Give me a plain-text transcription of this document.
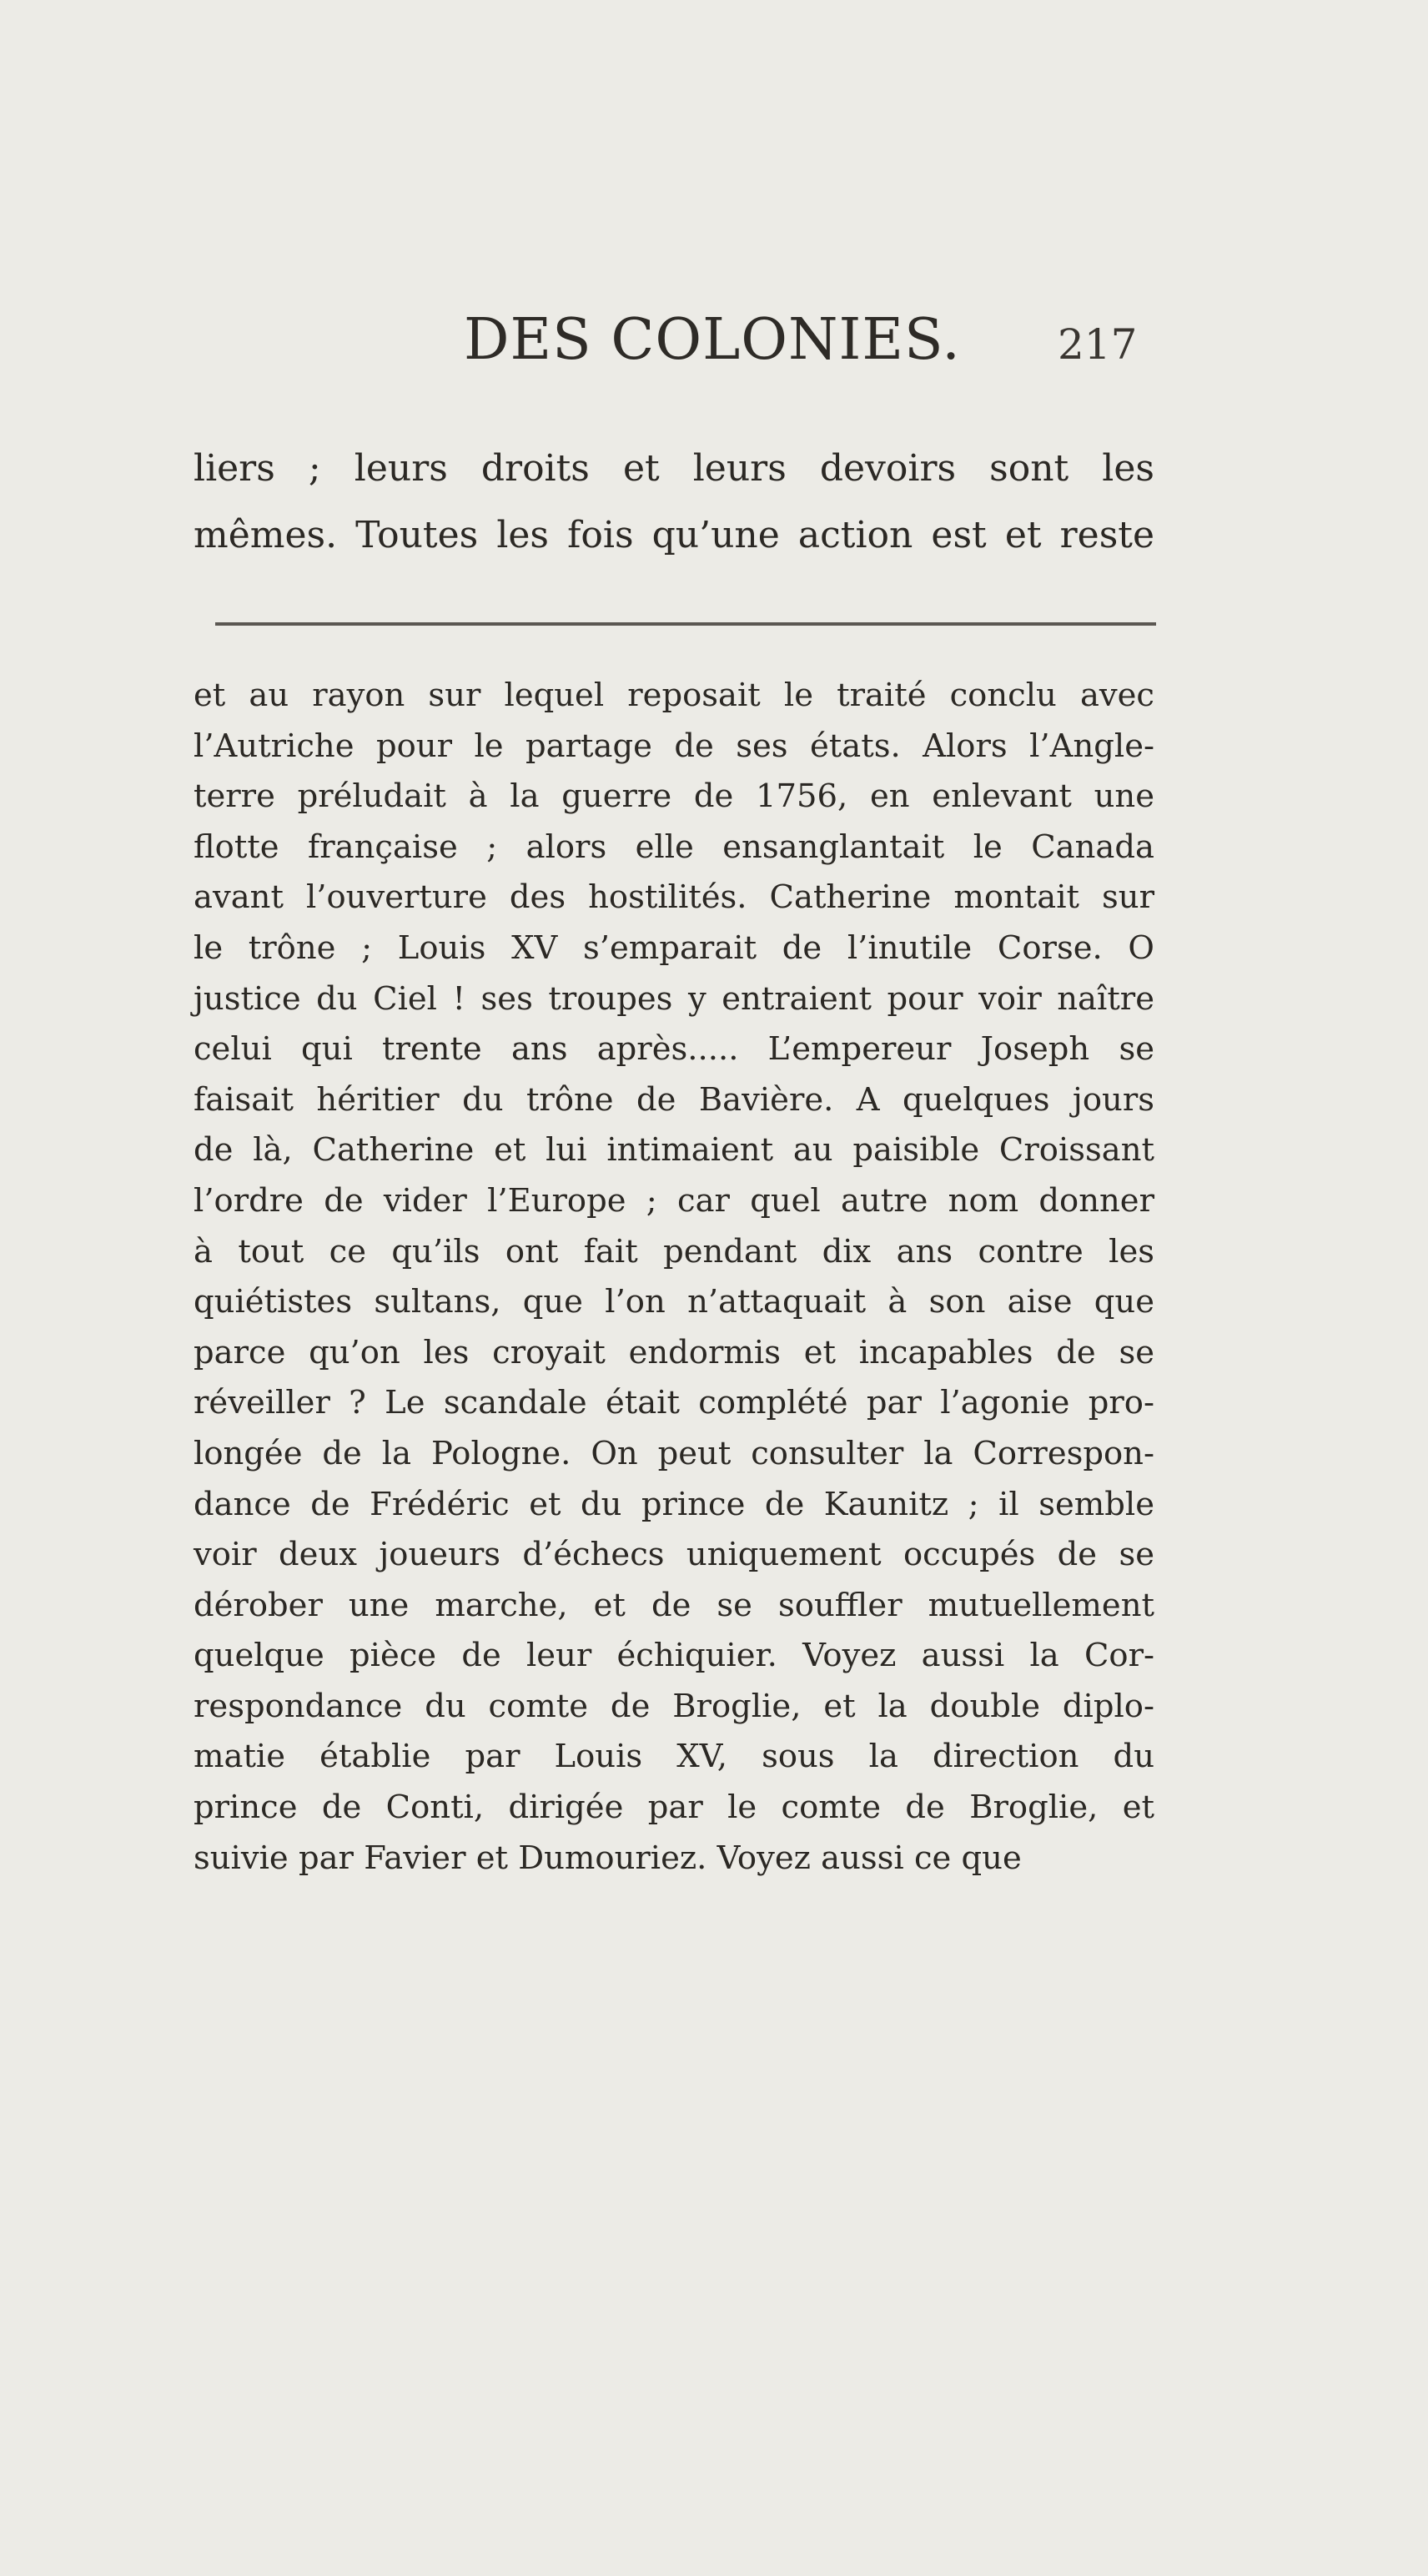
DES COLONIES. 217
liers ; leurs droits et leurs devoirs sont les
mêmes. Toutes les fois qu’une action est et reste
et au rayon sur lequel reposait le traité conclu avec
l’Autriche pour le partage de ses états. Alors l’Angle-
terre préludait à la guerre de 1756, en enlevant une
flotte française ; alors elle ensanglantait le Canada
avant l’ouverture des hostilités. Catherine montait sur
le trône ; Louis XV s’emparait de l’inutile Corse. O
justice du Ciel ! ses troupes y entraient pour voir naître
celui qui trente ans après..... L’empereur Joseph se
faisait héritier du trône de Bavière. A quelques jours
de là, Catherine et lui intimaient au paisible Croissant
l’ordre de vider l’Europe ; car quel autre nom donner
à tout ce qu’ils ont fait pendant dix ans contre les
quiétistes sultans, que l’on n’attaquait à son aise que
parce qu’on les croyait endormis et incapables de se
réveiller ? Le scandale était complété par l’agonie pro-
longée de la Pologne. On peut consulter la Correspon-
dance de Frédéric et du prince de Kaunitz ; il semble
voir deux joueurs d’échecs uniquement occupés de se
dérober une marche, et de se souffler mutuellement
quelque pièce de leur échiquier. Voyez aussi la Cor-
respondance du comte de Broglie, et la double diplo-
matie établie par Louis XV, sous la direction du
prince de Conti, dirigée par le comte de Broglie, et
suivie par Favier et Dumouriez. Voyez aussi ce que
